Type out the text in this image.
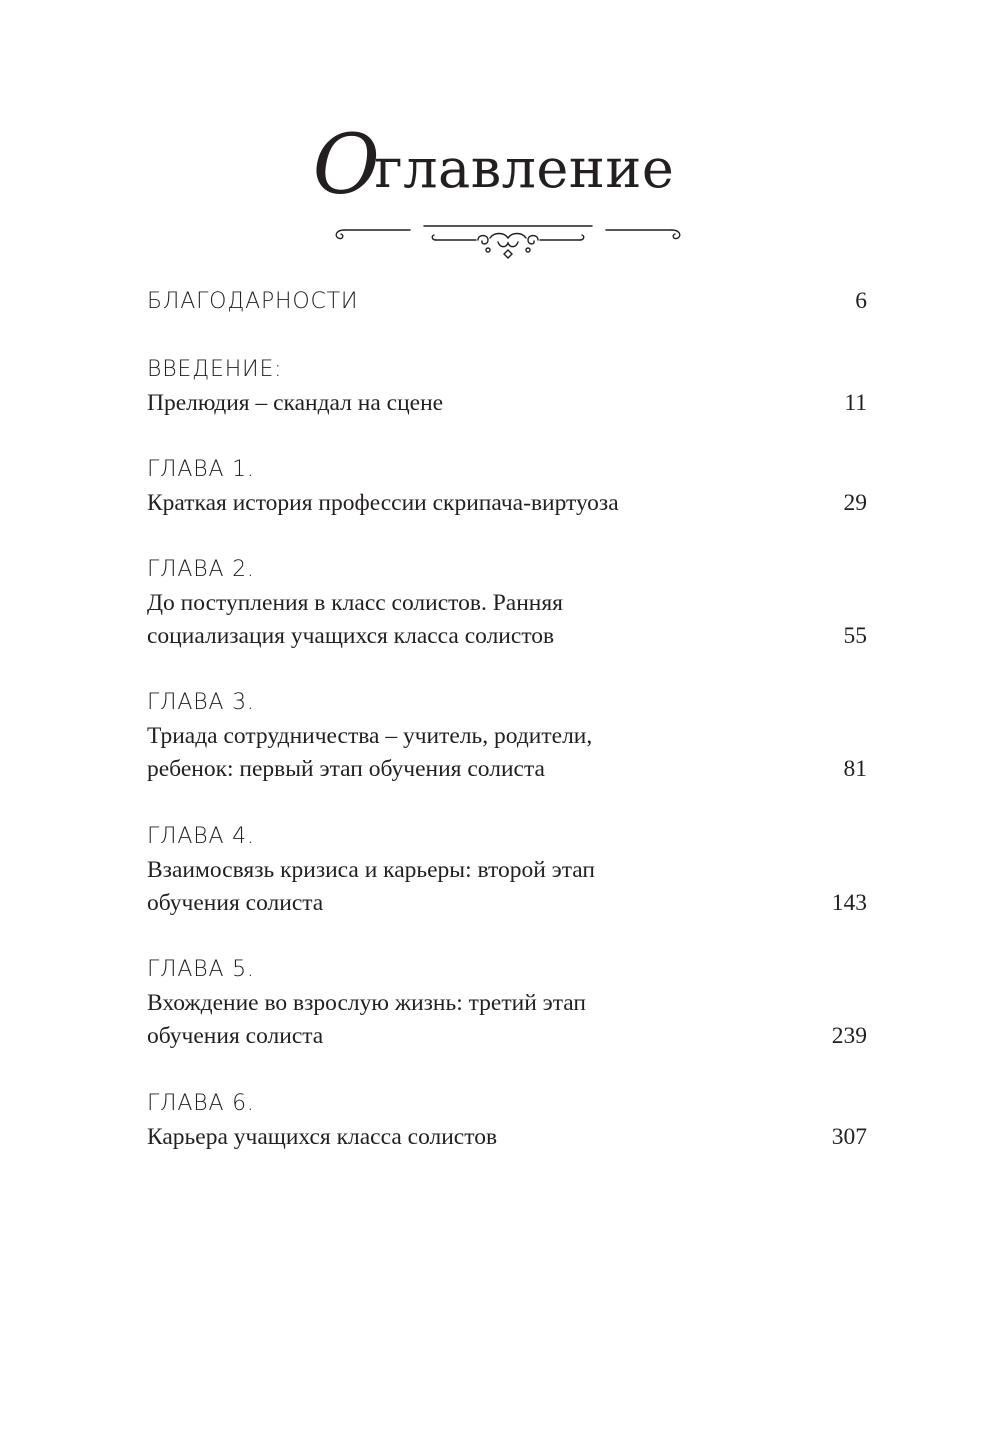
Оглавление
БЛАГОДАРНОСТИ	6
ВВЕДЕНИЕ:
Прелюдия – скандал на сцене	11
ГЛАВА 1.
Краткая история профессии скрипача-виртуоза	29
ГЛАВА 2.
До поступления в класс солистов. Ранняя
социализация учащихся класса солистов	55
ГЛАВА 3.
Триада сотрудничества – учитель, родители,
ребенок: первый этап обучения солиста	81
ГЛАВА 4.
Взаимосвязь кризиса и карьеры: второй этап
обучения солиста	143
ГЛАВА 5.
Вхождение во взрослую жизнь: третий этап
обучения солиста	239
ГЛАВА 6.
Карьера учащихся класса солистов	307
